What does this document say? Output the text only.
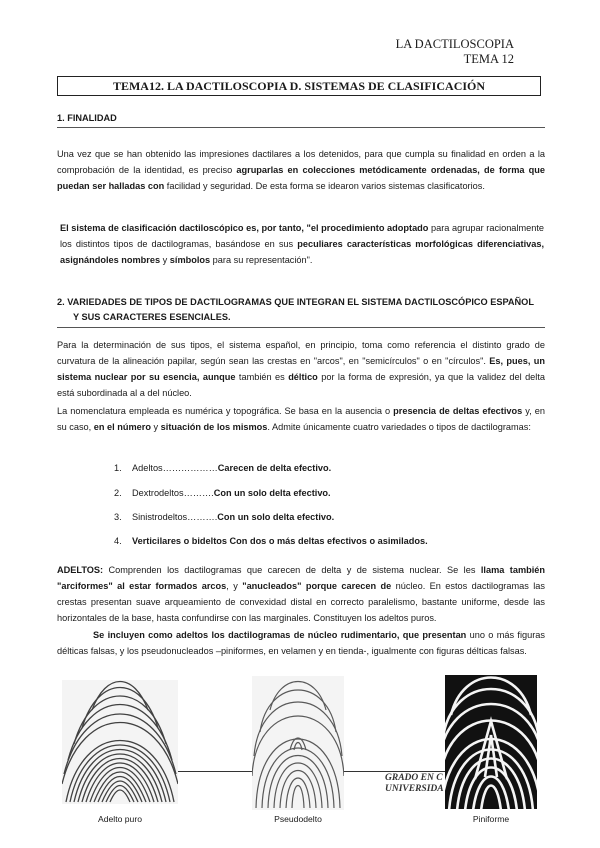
LA DACTILOSCOPIA
TEMA 12
TEMA12. LA DACTILOSCOPIA D. SISTEMAS DE CLASIFICACIÓN
1. FINALIDAD
Una vez que se han obtenido las impresiones dactilares a los detenidos, para que cumpla su finalidad en orden a la comprobación de la identidad, es preciso agruparlas en colecciones metódicamente ordenadas, de forma que puedan ser halladas con facilidad y seguridad. De esta forma se idearon varios sistemas clasificatorios.
El sistema de clasificación dactiloscópico es, por tanto, "el procedimiento adoptado para agrupar racionalmente los distintos tipos de dactilogramas, basándose en sus peculiares características morfológicas diferenciativas, asignándoles nombres y símbolos para su representación".
2. VARIEDADES DE TIPOS DE DACTILOGRAMAS QUE INTEGRAN EL SISTEMA DACTILOSCÓPICO ESPAÑOL
Y SUS CARACTERES ESENCIALES.
Para la determinación de sus tipos, el sistema español, en principio, toma como referencia el distinto grado de curvatura de la alineación papilar, según sean las crestas en "arcos", en "semicírculos" o en "círculos". Es, pues, un sistema nuclear por su esencia, aunque también es déltico por la forma de expresión, ya que la validez del delta está subordinada al a del núcleo.
La nomenclatura empleada es numérica y topográfica. Se basa en la ausencia o presencia de deltas efectivos y, en su caso, en el número y situación de los mismos. Admite únicamente cuatro variedades o tipos de dactilogramas:
1. Adeltos………………Carecen de delta efectivo.
2. Dextrodeltos……….Con un solo delta efectivo.
3. Sinistrodeltos……….Con un solo delta efectivo.
4. Verticilares o bideltos Con dos o más deltas efectivos o asimilados.
ADELTOS: Comprenden los dactilogramas que carecen de delta y de sistema nuclear. Se les llama también "arciformes" al estar formados arcos, y "anucleados" porque carecen de núcleo. En estos dactilogramas las crestas presentan suave arqueamiento de convexidad distal en correcto paralelismo, bastante uniforme, desde las horizontales de la base, hasta confundirse con las marginales. Constituyen los adeltos puros.
Se incluyen como adeltos los dactilogramas de núcleo rudimentario, que presentan uno o más figuras délticas falsas, y los pseudonucleados –piniformes, en velamen y en tienda-, igualmente con figuras délticas falsas.
GRADO EN C
UNIVERSIDA
Adelto puro	Pseudodelto	Piniforme
